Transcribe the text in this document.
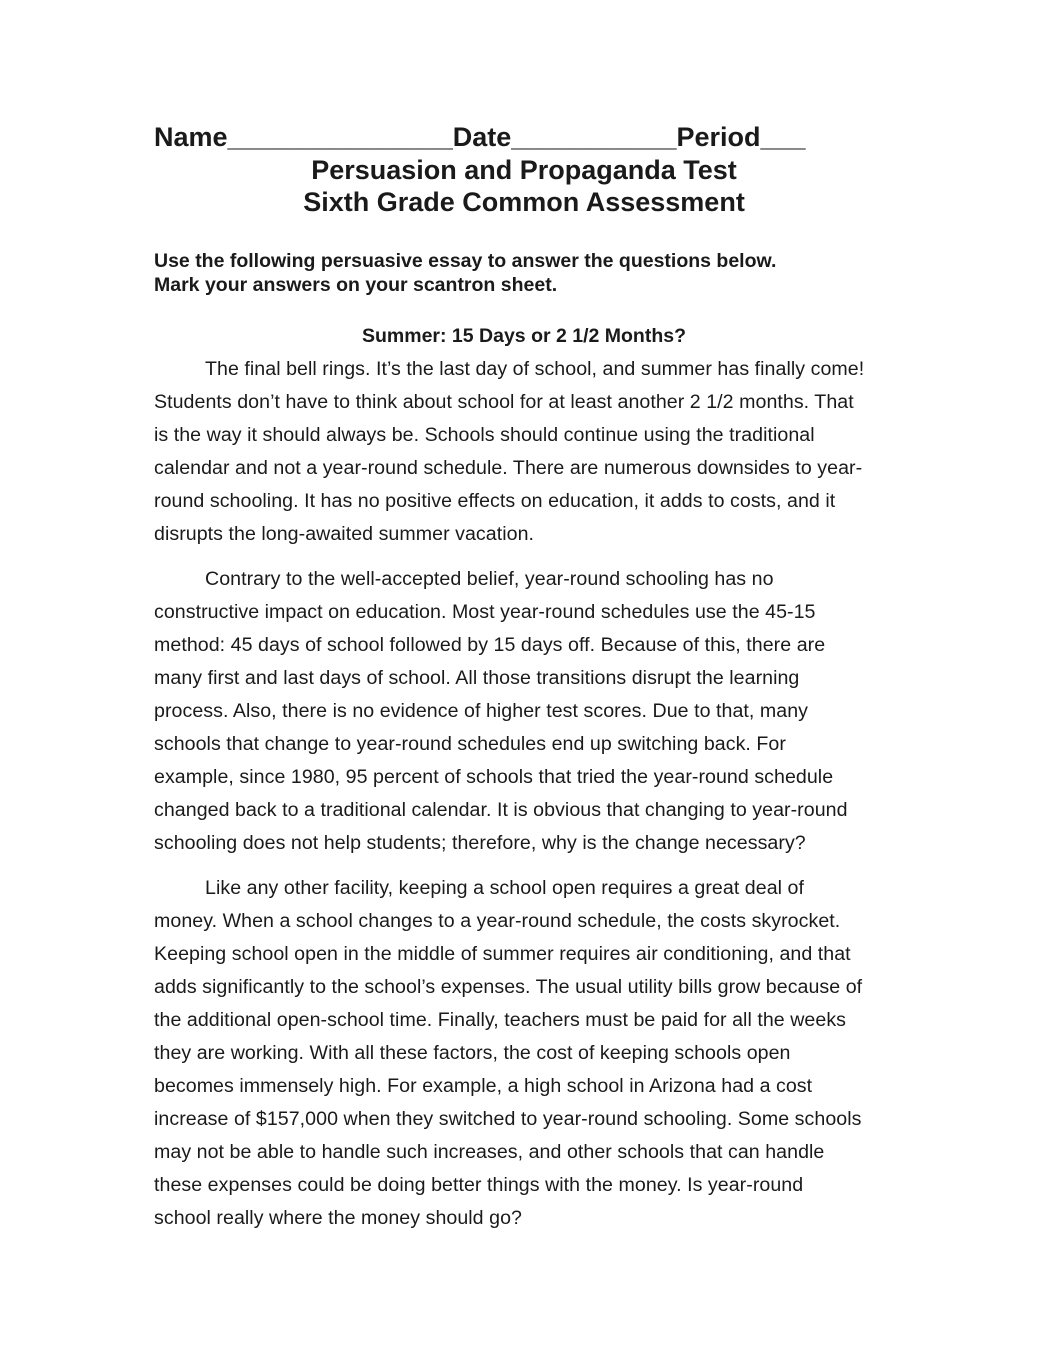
Name_______________Date___________Period___
Persuasion and Propaganda Test
Sixth Grade Common Assessment
Use the following persuasive essay to answer the questions below.
Mark your answers on your scantron sheet.
Summer: 15 Days or 2 1/2 Months?
The final bell rings. It’s the last day of school, and summer has finally come!
Students don’t have to think about school for at least another 2 1/2 months. That
is the way it should always be. Schools should continue using the traditional
calendar and not a year-round schedule. There are numerous downsides to year-
round schooling. It has no positive effects on education, it adds to costs, and it
disrupts the long-awaited summer vacation.
Contrary to the well-accepted belief, year-round schooling has no
constructive impact on education. Most year-round schedules use the 45-15
method: 45 days of school followed by 15 days off. Because of this, there are
many first and last days of school. All those transitions disrupt the learning
process. Also, there is no evidence of higher test scores. Due to that, many
schools that change to year-round schedules end up switching back. For
example, since 1980, 95 percent of schools that tried the year-round schedule
changed back to a traditional calendar. It is obvious that changing to year-round
schooling does not help students; therefore, why is the change necessary?
Like any other facility, keeping a school open requires a great deal of
money. When a school changes to a year-round schedule, the costs skyrocket.
Keeping school open in the middle of summer requires air conditioning, and that
adds significantly to the school’s expenses. The usual utility bills grow because of
the additional open-school time. Finally, teachers must be paid for all the weeks
they are working. With all these factors, the cost of keeping schools open
becomes immensely high. For example, a high school in Arizona had a cost
increase of $157,000 when they switched to year-round schooling. Some schools
may not be able to handle such increases, and other schools that can handle
these expenses could be doing better things with the money. Is year-round
school really where the money should go?
